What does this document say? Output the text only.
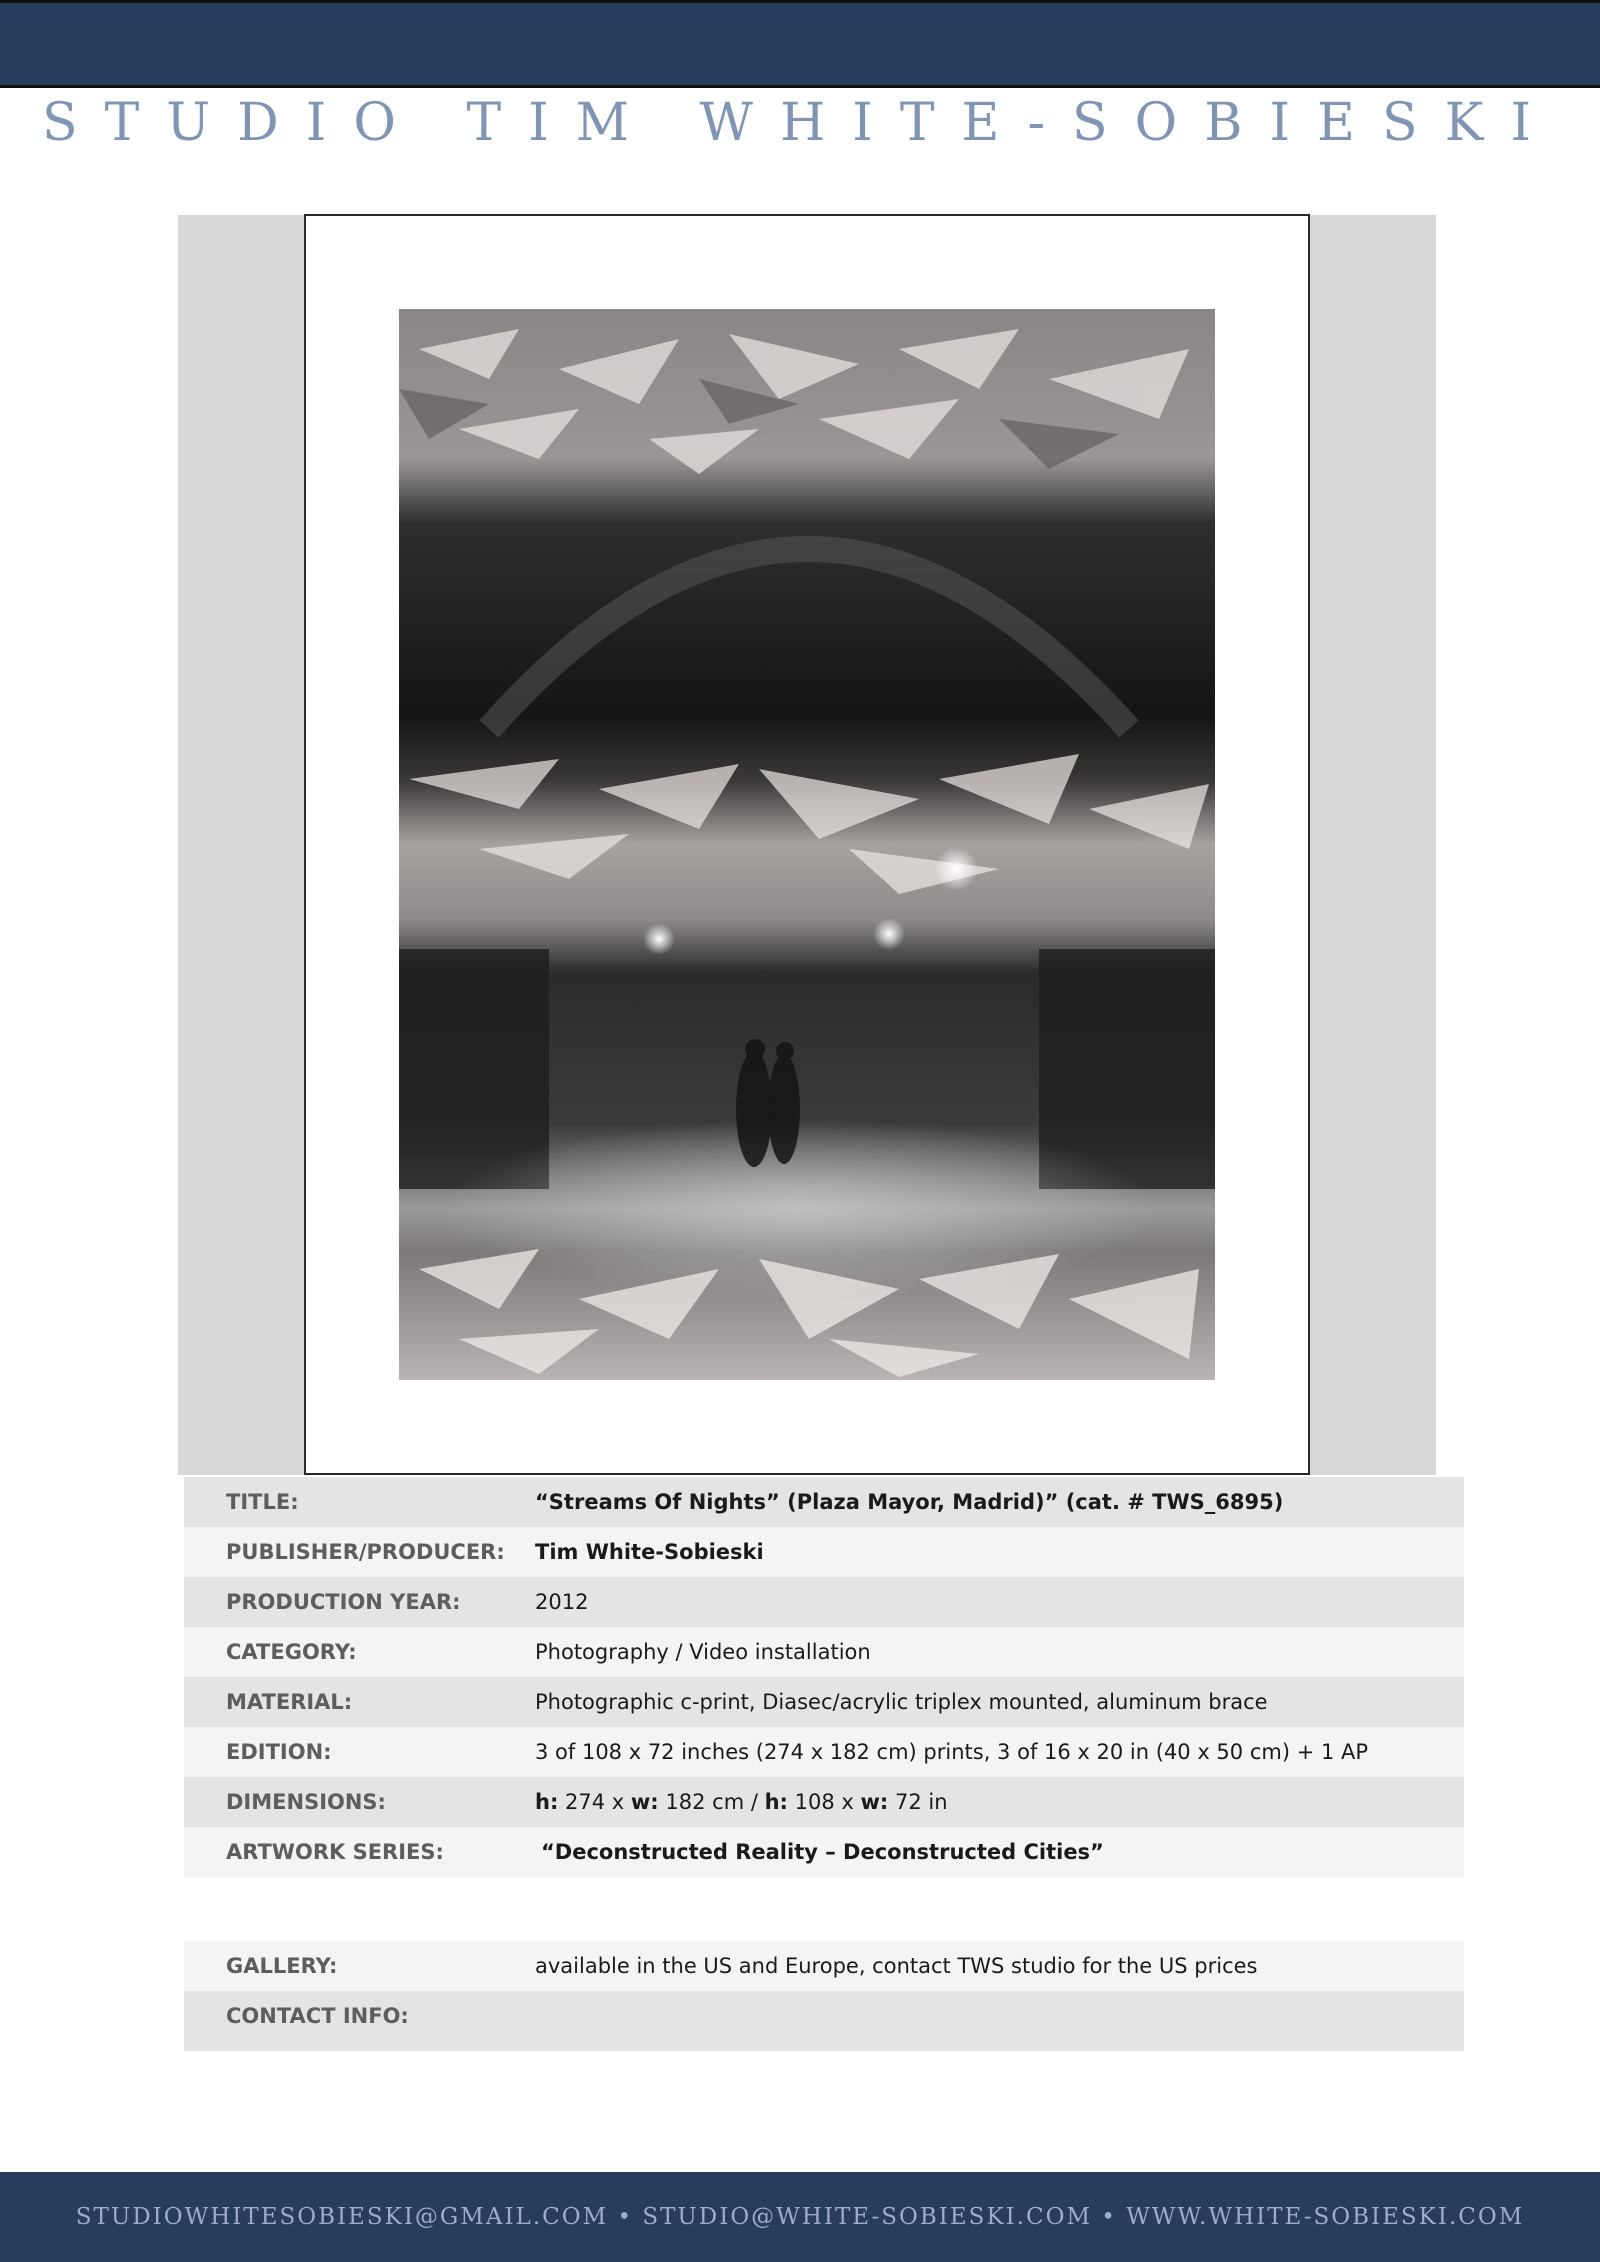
STUDIO TIM WHITE-SOBIESKI
TITLE:	“Streams Of Nights” (Plaza Mayor, Madrid)” (cat. # TWS_6895)
PUBLISHER/PRODUCER: Tim White-Sobieski
PRODUCTION YEAR:	2012
CATEGORY:	Photography / Video installation
MATERIAL:	Photographic c-print, Diasec/acrylic triplex mounted, aluminum brace
EDITION:	3 of 108 x 72 inches (274 x 182 cm) prints, 3 of 16 x 20 in (40 x 50 cm) + 1 AP
DIMENSIONS:	h: 274 x w: 182 cm / h: 108 x w: 72 in
ARTWORK SERIES:	“Deconstructed Reality – Deconstructed Cities”
GALLERY:	available in the US and Europe, contact TWS studio for the US prices
CONTACT INFO:
STUDIOWHITESOBIESKI@GMAIL.COM • STUDIO@WHITE-SOBIESKI.COM • WWW.WHITE-SOBIESKI.COM
